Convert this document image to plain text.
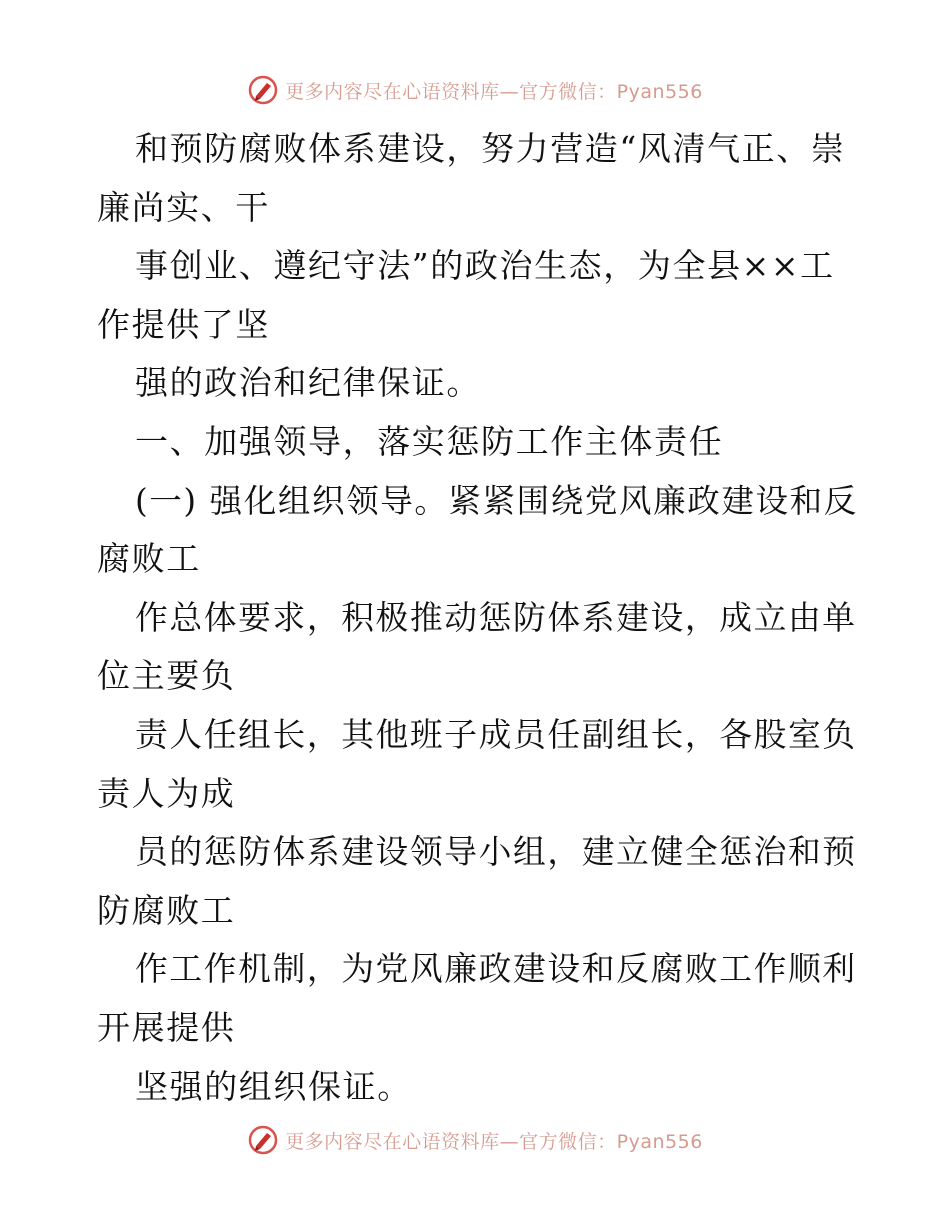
更多内容尽在心语资料库—官方微信：Pyan556
和预防腐败体系建设，努力营造“风清气正、崇
廉尚实、干
事创业、遵纪守法”的政治生态，为全县××工
作提供了坚
强的政治和纪律保证。
一、加强领导，落实惩防工作主体责任
(一) 强化组织领导。紧紧围绕党风廉政建设和反
腐败工
作总体要求，积极推动惩防体系建设，成立由单
位主要负
责人任组长，其他班子成员任副组长，各股室负
责人为成
员的惩防体系建设领导小组，建立健全惩治和预
防腐败工
作工作机制，为党风廉政建设和反腐败工作顺利
开展提供
坚强的组织保证。
更多内容尽在心语资料库—官方微信：Pyan556
